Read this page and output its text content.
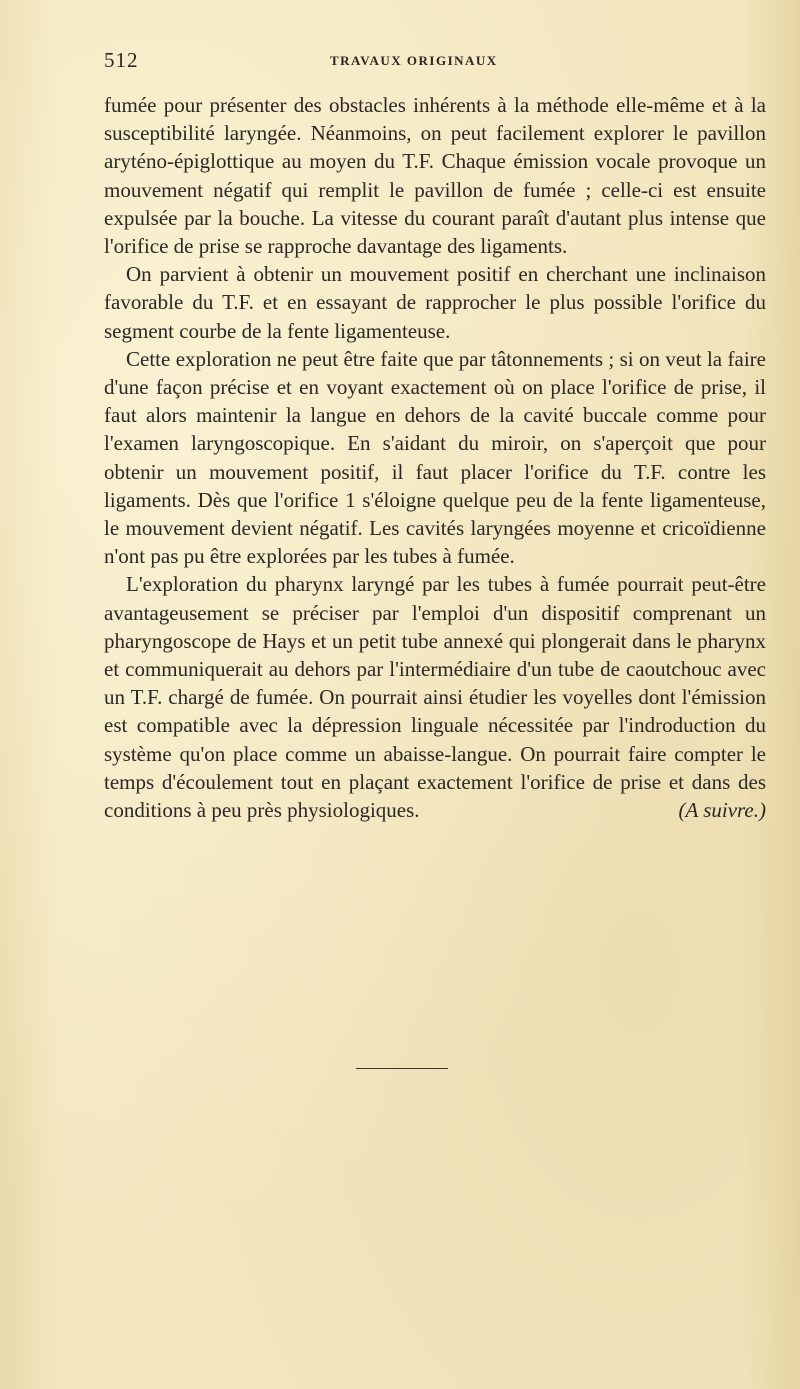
512	TRAVAUX ORIGINAUX

fumée pour présenter des obstacles inhérents à la méthode elle-même et à la susceptibilité laryngée. Néanmoins, on peut facilement explorer le pavillon aryténo-épiglottique au moyen du T.F. Chaque émission vocale provoque un mouvement négatif qui remplit le pavillon de fumée ; celle-ci est ensuite expulsée par la bouche. La vitesse du courant paraît d'autant plus intense que l'orifice de prise se rapproche davantage des ligaments.

On parvient à obtenir un mouvement positif en cherchant une inclinaison favorable du T.F. et en essayant de rapprocher le plus possible l'orifice du segment courbe de la fente ligamenteuse.

Cette exploration ne peut être faite que par tâtonnements ; si on veut la faire d'une façon précise et en voyant exactement où on place l'orifice de prise, il faut alors maintenir la langue en dehors de la cavité buccale comme pour l'examen laryngoscopique. En s'aidant du miroir, on s'aperçoit que pour obtenir un mouvement positif, il faut placer l'orifice du T.F. contre les ligaments. Dès que l'orifice 1 s'éloigne quelque peu de la fente ligamenteuse, le mouvement devient négatif. Les cavités laryngées moyenne et cricoïdienne n'ont pas pu être explorées par les tubes à fumée.

L'exploration du pharynx laryngé par les tubes à fumée pourrait peut-être avantageusement se préciser par l'emploi d'un dispositif comprenant un pharyngoscope de Hays et un petit tube annexé qui plongerait dans le pharynx et communiquerait au dehors par l'intermédiaire d'un tube de caoutchouc avec un T.F. chargé de fumée. On pourrait ainsi étudier les voyelles dont l'émission est compatible avec la dépression linguale nécessitée par l'indroduction du système qu'on place comme un abaisse-langue. On pourrait faire compter le temps d'écoulement tout en plaçant exactement l'orifice de prise et dans des conditions à peu près physiologiques.	(A suivre.)
